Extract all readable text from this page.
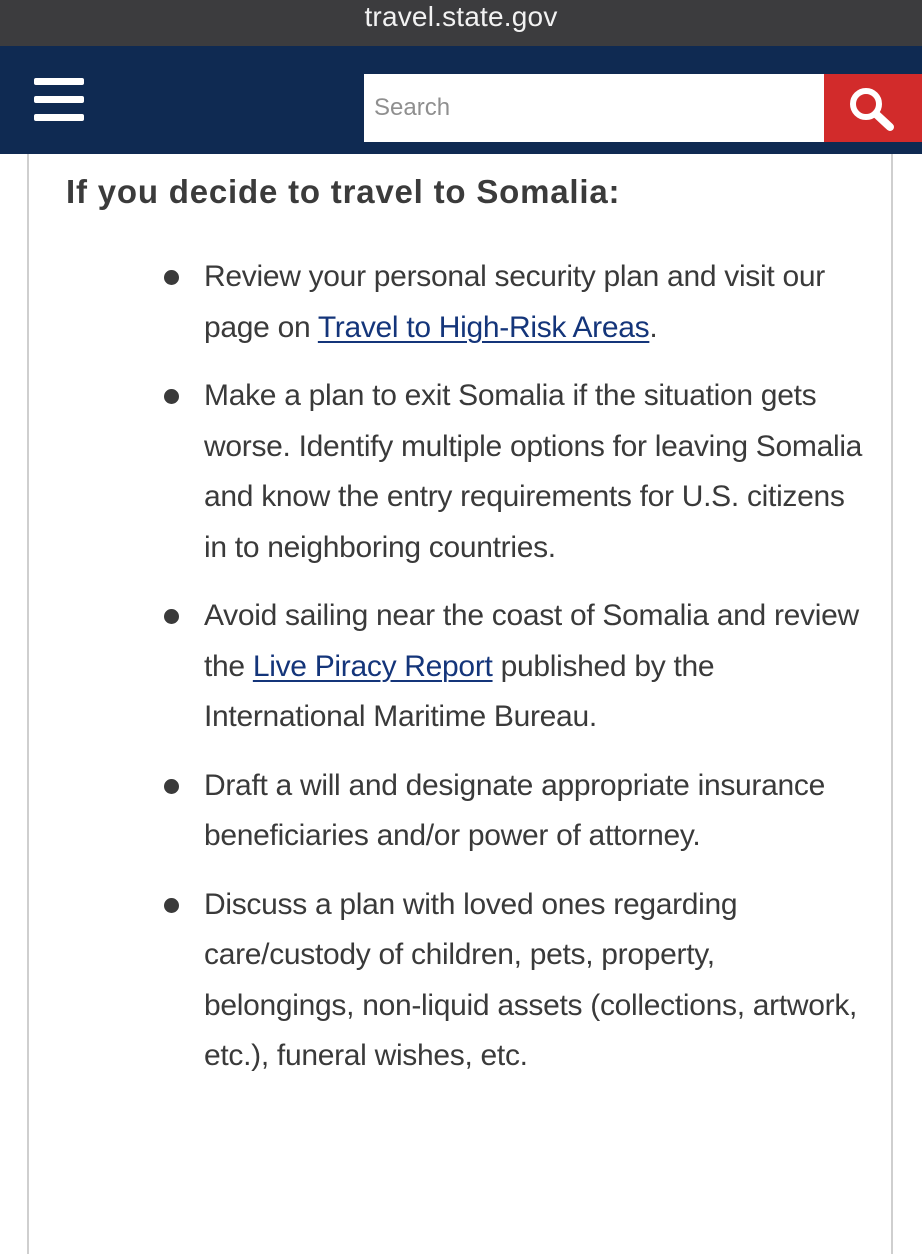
travel.state.gov
Search
If you decide to travel to Somalia:
Review your personal security plan and visit our page on Travel to High-Risk Areas.
Make a plan to exit Somalia if the situation gets worse. Identify multiple options for leaving Somalia and know the entry requirements for U.S. citizens in to neighboring countries.
Avoid sailing near the coast of Somalia and review the Live Piracy Report published by the International Maritime Bureau.
Draft a will and designate appropriate insurance beneficiaries and/or power of attorney.
Discuss a plan with loved ones regarding care/custody of children, pets, property, belongings, non-liquid assets (collections, artwork, etc.), funeral wishes, etc.
